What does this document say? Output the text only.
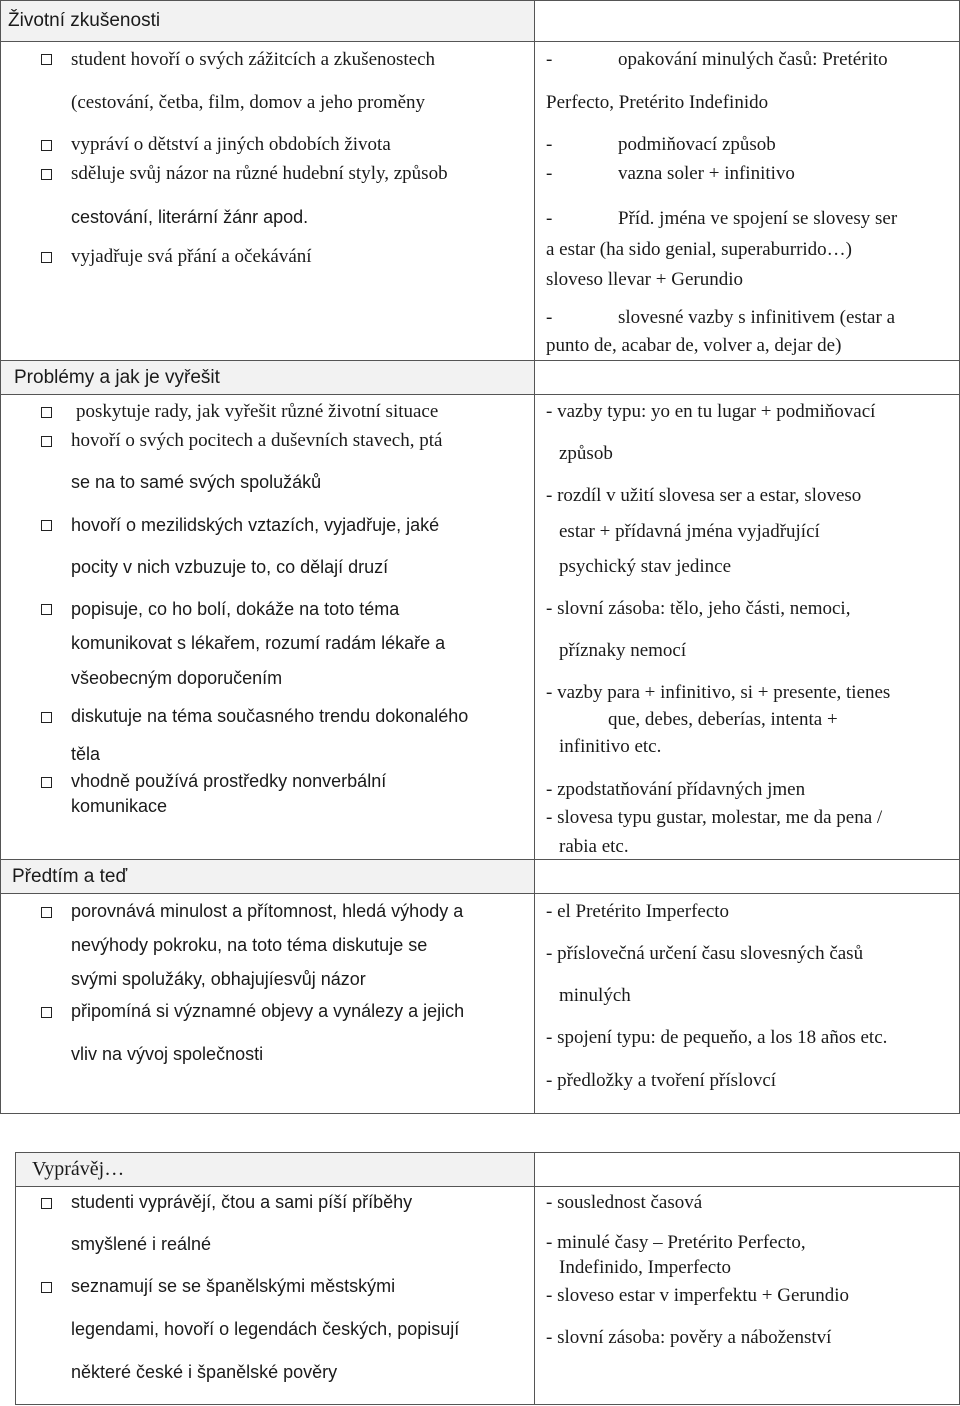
Životní zkušenosti
student hovoří o svých zážitcích a zkušenostech
(cestování, četba, film, domov a jeho proměny
vypráví o dětství a jiných obdobích života
sděluje svůj názor na různé hudební styly, způsob
cestování, literární žánr apod.
vyjadřuje svá přání a očekávání
-	opakování minulých časů: Pretérito
Perfecto, Pretérito Indefinido
-	podmiňovací způsob
-	vazna soler + infinitivo
-	Příd. jména ve spojení se slovesy ser
a estar (ha sido genial, superaburrido…)
sloveso llevar + Gerundio
-	slovesné vazby s infinitivem (estar a
punto de, acabar de, volver a, dejar de)
Problémy a jak je vyřešit
poskytuje rady, jak vyřešit různé životní situace
hovoří o svých pocitech a duševních stavech, ptá
se na to samé svých spolužáků
hovoří o mezilidských vztazích, vyjadřuje, jaké
pocity v nich vzbuzuje to, co dělají druzí
popisuje, co ho bolí, dokáže na toto téma
komunikovat s lékařem, rozumí radám lékaře a
všeobecným doporučením
diskutuje na téma současného trendu dokonalého
těla
vhodně používá prostředky nonverbální
komunikace
- vazby typu: yo en tu lugar + podmiňovací
způsob
- rozdíl v užití slovesa ser a estar, sloveso
estar + přídavná jména vyjadřující
psychický stav jedince
- slovní zásoba: tělo, jeho části, nemoci,
příznaky nemocí
- vazby para + infinitivo, si + presente, tienes
que, debes, deberías, intenta +
infinitivo etc.
- zpodstatňování přídavných jmen
- slovesa typu gustar, molestar, me da pena /
rabia etc.
Předtím a teď
porovnává minulost a přítomnost, hledá výhody a
nevýhody pokroku, na toto téma diskutuje se
svými spolužáky, obhajujíesvůj názor
připomíná si významné objevy a vynálezy a jejich
vliv na vývoj společnosti
- el Pretérito Imperfecto
- příslovečná určení času slovesných časů
minulých
- spojení typu: de pequeňo, a los 18 años etc.
- předložky a tvoření příslovcí
Vyprávěj…
studenti vyprávějí, čtou a sami píší příběhy
smyšlené i reálné
seznamují se se španělskými městskými
legendami, hovoří o legendách českých, popisují
některé české i španělské pověry
- souslednost časová
- minulé časy – Pretérito Perfecto,
Indefinido, Imperfecto
- sloveso estar v imperfektu + Gerundio
- slovní zásoba: pověry a náboženství
